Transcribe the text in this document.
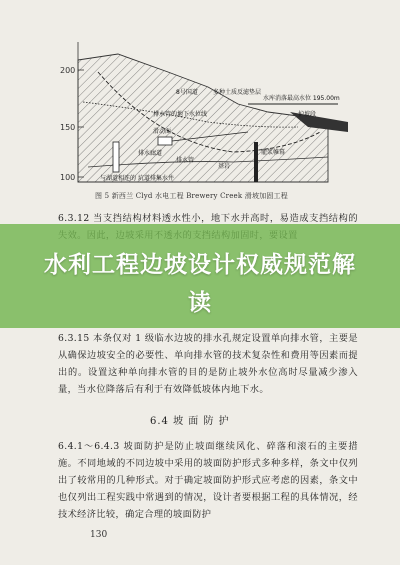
200
150
100
8号国道	多种土质反滤垫层
水库消落最高水位 195.00m
排水管的地下水位线	护坡段
滑动面
排水廊道
排水管
基岩
灌浆帷幕
与湖道相连的 坑道排集水井
图 5 新西兰 Clyd 水电工程 Brewery Creek 滑坡加固工程
6.3.12 当支挡结构材料透水性小，地下水并高时，易造成支挡结构的
水利工程边坡设计权威规范解读
6.3.15 本条仅对 1 级临水边坡的排水孔规定设置单向排水管，主要是从确保边坡安全的必要性、单向排水管的技术复杂性和费用等因素而提出的。设置这种单向排水管的目的是防止坡外水位高时尽量减少渗入量，当水位降落后有利于有效降低坡体内地下水。
6.4 坡 面 防 护
6.4.1～6.4.3 坡面防护是防止坡面继续风化、碎落和滚石的主要措施。不同地域的不同边坡中采用的坡面防护形式多种多样，条文中仅列出了较常用的几种形式。对于确定坡面防护形式应考虑的因素，条文中也仅列出工程实践中常遇到的情况，设计者要根据工程的具体情况，经技术经济比较，确定合理的坡面防护
130
